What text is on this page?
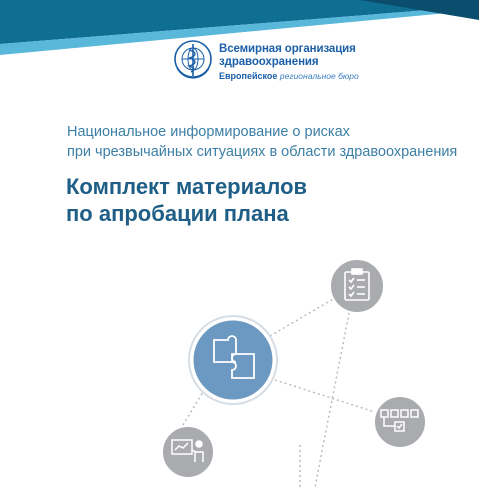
Всемирная организация
здравоохранения
Европейское региональное бюро
Национальное информирование о рисках
при чрезвычайных ситуациях в области здравоохранения
Комплект материалов
по апробации плана
